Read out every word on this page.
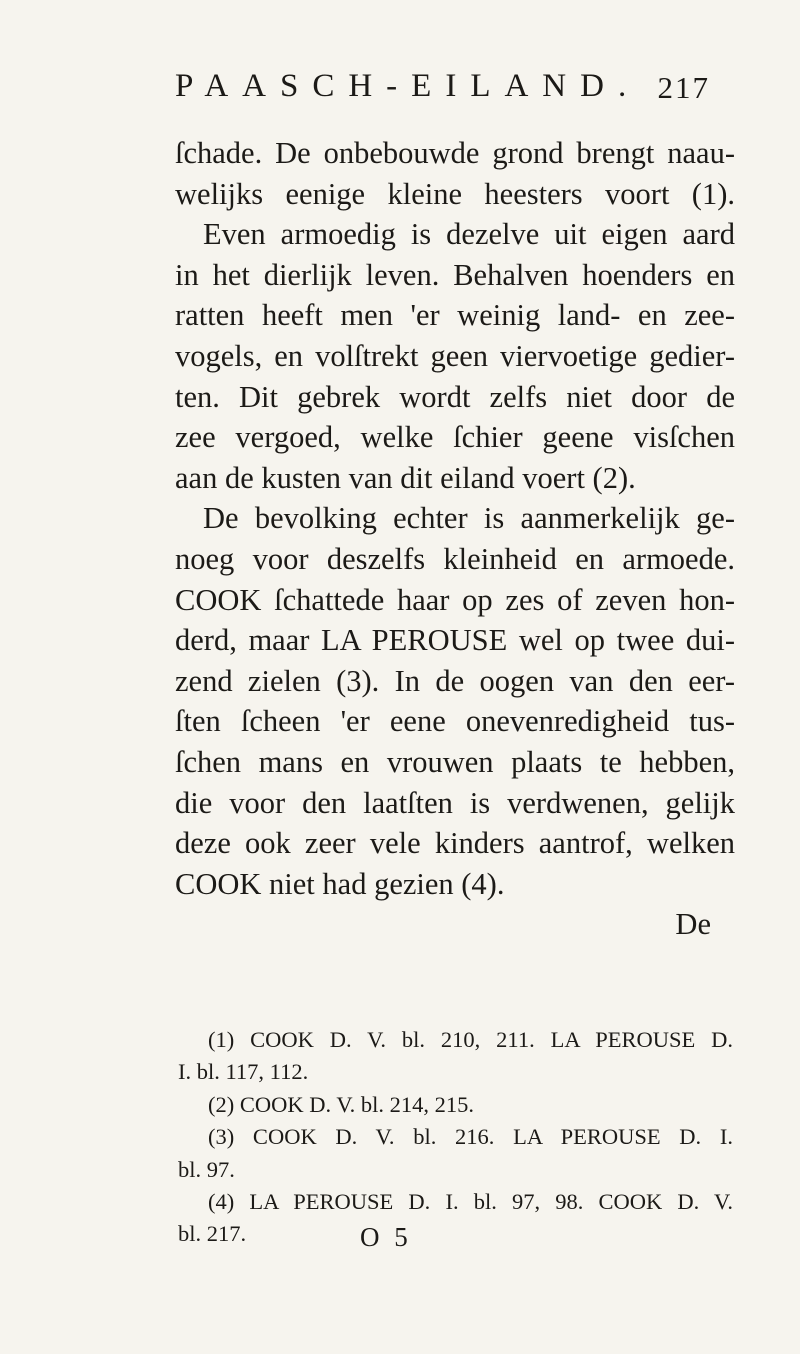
PAASCH-EILAND. 217
ſchade. De onbebouwde grond brengt naau-
welijks eenige kleine heesters voort (1).
Even armoedig is dezelve uit eigen aard
in het dierlijk leven. Behalven hoenders en
ratten heeft men 'er weinig land- en zee-
vogels, en volſtrekt geen viervoetige gedier-
ten. Dit gebrek wordt zelfs niet door de
zee vergoed, welke ſchier geene visſchen
aan de kusten van dit eiland voert (2).
De bevolking echter is aanmerkelijk ge-
noeg voor deszelfs kleinheid en armoede.
COOK ſchattede haar op zes of zeven hon-
derd, maar LA PEROUSE wel op twee dui-
zend zielen (3). In de oogen van den eer-
ſten ſcheen 'er eene onevenredigheid tus-
ſchen mans en vrouwen plaats te hebben,
die voor den laatſten is verdwenen, gelijk
deze ook zeer vele kinders aantrof, welken
COOK niet had gezien (4).
De
(1) COOK D. V. bl. 210, 211. LA PEROUSE D.
I. bl. 117, 112.
(2) COOK D. V. bl. 214, 215.
(3) COOK D. V. bl. 216. LA PEROUSE D. I.
bl. 97.
(4) LA PEROUSE D. I. bl. 97, 98. COOK D. V.
bl. 217.	O 5
